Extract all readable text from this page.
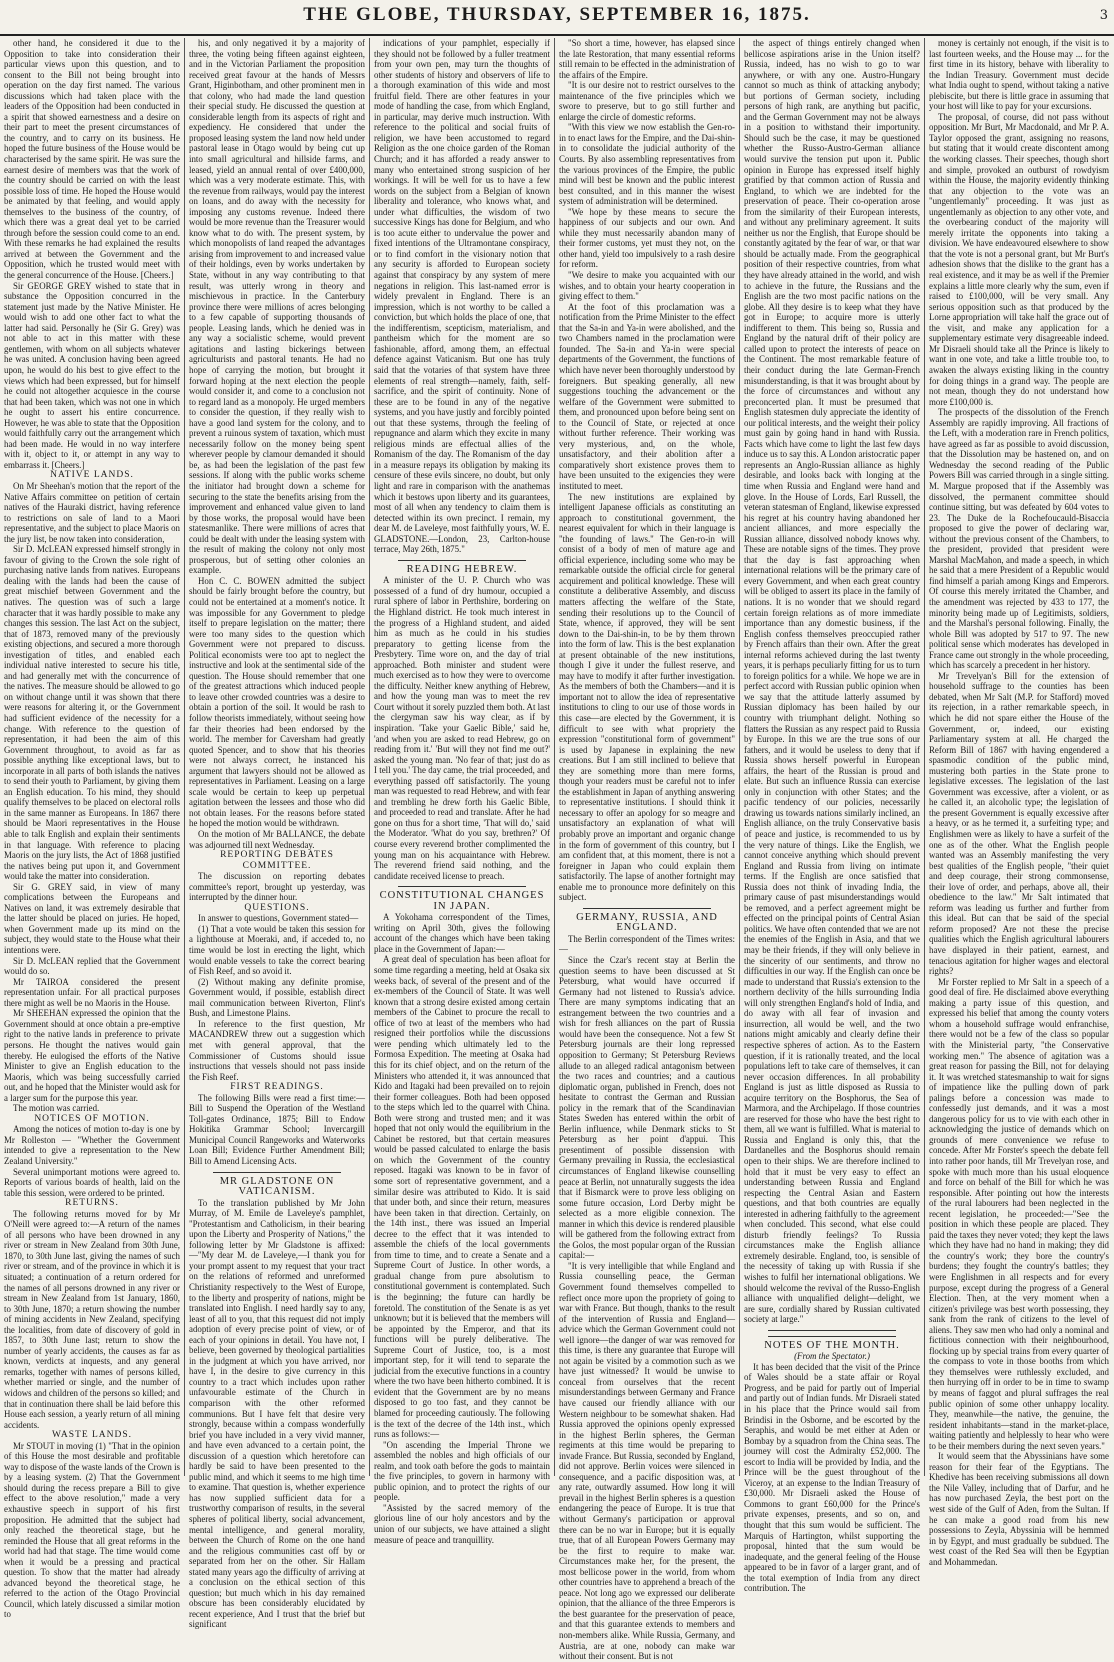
THE GLOBE, THURSDAY, SEPTEMBER 16, 1875.	3

other hand, he considered it due to the Opposition to take into consideration their particular views upon this question, and to consent to the Bill not being brought into operation on the day first named. The various discussions which had taken place with the leaders of the Opposition had been conducted in a spirit that showed earnestness and a desire on their part to meet the present circumstances of the country, and to carry on its business. He hoped the future business of the House would be characterised by the same spirit. He was sure the earnest desire of members was that the work of the country should be carried on with the least possible loss of time. He hoped the House would be animated by that feeling, and would apply themselves to the business of the country, of which there was a great deal yet to be carried through before the session could come to an end. With these remarks he had explained the results arrived at between the Government and the Opposition, which he trusted would meet with the general concurrence of the House. [Cheers.]

Sir GEORGE GREY wished to state that in substance the Opposition concurred in the statement just made by the Native Minister. He would wish to add one other fact to what the latter had said. Personally he (Sir G. Grey) was not able to act in this matter with these gentlemen, with whom on all subjects whatever he was united. A conclusion having been agreed upon, he would do his best to give effect to the views which had been expressed, but for himself he could not altogether acquiesce in the course that had been taken, which was not one in which he ought to assert his entire concurrence. However, he was able to state that the Opposition would faithfully carry out the arrangement which had been made. He would in no way interfere with it, object to it, or attempt in any way to embarrass it. [Cheers.]

NATIVE LANDS.

On Mr Sheehan's motion that the report of the Native Affairs committee on petition of certain natives of the Hauraki district, having reference to restrictions on sale of land to a Maori representative, and the subject to place Maoris on the jury list, be now taken into consideration,

Sir D. McLEAN expressed himself strongly in favour of giving to the Crown the sole right of purchasing native lands from natives. Europeans dealing with the lands had been the cause of great mischief between Government and the natives. The question was of such a large character that it was hardly possible to make any changes this session. The last Act on the subject, that of 1873, removed many of the previously existing objections, and secured a more thorough investigation of titles, and enabled each individual native interested to secure his title, and had generally met with the concurrence of the natives. The measure should be allowed to go on without change until it was shown that there were reasons for altering it, or the Government had sufficient evidence of the necessity for a change. With reference to the question of representation, it had been the aim of this Government throughout, to avoid as far as possible anything like exceptional laws, but to incorporate in all parts of both islands the natives to send their youth to Parliament, by giving them an English education. To his mind, they should qualify themselves to be placed on electoral rolls in the same manner as Europeans. In 1867 there should be Maori representatives in the House able to talk English and explain their sentiments in that language. With reference to placing Maoris on the jury lists, the Act of 1868 justified the natives being put upon it, and Government would take the matter into consideration.

Sir G. GREY said, in view of many complications between the Europeans and Natives on land, it was extremely desirable that the latter should be placed on juries. He hoped, when Government made up its mind on the subject, they would state to the House what their intentions were.

Sir D. McLEAN replied that the Government would do so.

Mr TAIROA considered the present representation unfair. For all practical purposes there might as well be no Maoris in the House.

Mr SHEEHAN expressed the opinion that the Government should at once obtain a pre-emptive right to the native lands in preference to private persons. He thought the natives would gain thereby. He eulogised the efforts of the Native Minister to give an English education to the Maoris, which was being successfully carried out, and he hoped that the Minister would ask for a larger sum for the purpose this year.

The motion was carried.

NOTICES OF MOTION.

Among the notices of motion to-day is one by Mr Rolleston — "Whether the Government intended to give a representation to the New Zealand University."

Several unimportant motions were agreed to. Reports of various boards of health, laid on the table this session, were ordered to be printed.

RETURNS.

The following returns moved for by Mr O'Neill were agreed to:—A return of the names of all persons who have been drowned in any river or stream in New Zealand from 30th June, 1870, to 30th June last, giving the names of such river or stream, and of the province in which it is situated; a continuation of a return ordered for the names of all persons drowned in any river or stream in New Zealand from 1st January, 1860, to 30th June, 1870; a return showing the number of mining accidents in New Zealand, specifying the localities, from date of discovery of gold in 1857, to 30th June last; return to show the number of yearly accidents, the causes as far as known, verdicts at inquests, and any general remarks, together with names of persons killed, whether married or single, and the number of widows and children of the persons so killed; and that in continuation there shall be laid before this House each session, a yearly return of all mining accidents.

WASTE LANDS.

Mr STOUT in moving (1) "That in the opinion of this House the most desirable and profitable way to dispose of the waste lands of the Crown is by a leasing system. (2) That the Government should during the recess prepare a Bill to give effect to the above resolution," made a very exhaustive speech in support of his first proposition. He admitted that the subject had only reached the theoretical stage, but he reminded the House that all great reforms in the world had had that stage. The time would come when it would be a pressing and practical question. To show that the matter had already advanced beyond the theoretical stage, he referred to the action of the Otago Provincial Council, which lately discussed a similar motion to

his, and only negatived it by a majority of three, the voting being fifteen against eighteen, and in the Victorian Parliament the proposition received great favour at the hands of Messrs Grant, Higinbotham, and other prominent men in that colony, who had made the land question their special study. He discussed the question at considerable length from its aspects of right and expediency. He considered that under the proposed leasing system the land now held under pastoral lease in Otago would by being cut up into small agricultural and hillside farms, and leased, yield an annual rental of over £400,000, which was a very moderate estimate. This, with the revenue from railways, would pay the interest on loans, and do away with the necessity for imposing any customs revenue. Indeed there would be more revenue than the Treasurer would know what to do with. The present system, by which monopolists of land reaped the advantages arising from improvement to and increased value of their holdings, even by works undertaken by State, without in any way contributing to that result, was utterly wrong in theory and mischievous in practice. In the Canterbury province there were millions of acres belonging to a few capable of supporting thousands of people. Leasing lands, which he denied was in any way a socialistic scheme, would prevent agitations and lasting bickerings between agriculturists and pastoral tenants. He had no hope of carrying the motion, but brought it forward hoping at the next election the people would consider it, and come to a conclusion not to regard land as a monopoly. He urged members to consider the question, if they really wish to have a good land system for the colony, and to prevent a ruinous system of taxation, which must necessarily follow on the money being spent wherever people by clamour demanded it should be, as had been the legislation of the past few sessions. If along with the public works scheme the initiator had brought down a scheme for securing to the state the benefits arising from the improvement and enhanced value given to land by those works, the proposal would have been statesmanlike. There were millions of acres that could be dealt with under the leasing system with the result of making the colony not only most prosperous, but of setting other colonies an example.

Hon C. C. BOWEN admitted the subject should be fairly brought before the country, but could not be entertained at a moment's notice. It was impossible for any Government to pledge itself to prepare legislation on the matter; there were too many sides to the question which Government were not prepared to discuss. Political economists were too apt to neglect the instructive and look at the sentimental side of the question. The House should remember that one of the greatest attractions which induced people to leave other crowded countries was a desire to obtain a portion of the soil. It would be rash to follow theorists immediately, without seeing how far their theories had been endorsed by the world. The member for Caversham had greatly quoted Spencer, and to show that his theories were not always correct, he instanced his argument that lawyers should not be allowed as representatives in Parliament. Leasing on a large scale would be certain to keep up perpetual agitation between the lessees and those who did not obtain leases. For the reasons before stated he hoped the motion would be withdrawn.

On the motion of Mr BALLANCE, the debate was adjourned till next Wednesday.

REPORTING DEBATES COMMITTEE.

The discussion on reporting debates committee's report, brought up yesterday, was interrupted by the dinner hour.

QUESTIONS.

In answer to questions, Government stated—

(1) That a vote would be taken this session for a lighthouse at Moeraki, and, if acceded to, no time would be lost in erecting the light, which would enable vessels to take the correct bearing of Fish Reef, and so avoid it.

(2) Without making any definite promise, Government would, if possible, establish direct mail communication between Riverton, Flint's Bush, and Limestone Plains.

In reference to the first question, Mr MACANDREW threw out a suggestion which met with general approval, that the Commissioner of Customs should issue instructions that vessels should not pass inside the Fish Reef.

FIRST READINGS.

The following Bills were read a first time:—Bill to Suspend the Operation of the Westland Toll-gates Ordinance, 1875; Bill to Endow Hokitika Grammar School; Invercargill Municipal Council Rangeworks and Waterworks Loan Bill; Evidence Further Amendment Bill; Bill to Amend Licensing Acts.

MR GLADSTONE ON VATICANISM.

To the translation published by Mr John Murray, of M. Emile de Laveleye's pamphlet, "Protestantism and Catholicism, in their bearing upon the Liberty and Prosperity of Nations," the following letter by Mr Gladstone is affixed:—"My dear M. de Laveleye,—I thank you for your prompt assent to my request that your tract on the relations of reformed and unreformed Christianity respectively to the West of Europe, to the liberty and prosperity of nations, might be translated into English. I need hardly say to any, least of all to you, that this request did not imply adoption of every precise point of view, or of each of your opinions in detail. You have not, I believe, been governed by theological partialities in the judgment at which you have arrived, nor have I, in the desire to give currency in this country to a tract which includes upon rather unfavourable estimate of the Church in comparison with the other reformed communions. But I have felt that desire very strongly, because within a compass wonderfully brief you have included in a very vivid manner, and have even advanced to a certain point, the discussion of a question which heretofore can hardly be said to have been presented to the public mind, and which it seems to me high time to examine. That question is, whether experience has now supplied sufficient data for a trustworthy comparison of results, in the several spheres of political liberty, social advancement, mental intelligence, and general morality, between the Church of Rome on the one hand and the religious communities cast off by or separated from her on the other. Sir Hallam stated many years ago the difficulty of arriving at a conclusion on the ethical section of this question; but much which in his day remained obscure has been considerably elucidated by recent experience, And I trust that the brief but significant

indications of your pamphlet, especially if they should not be followed by a fuller treatment from your own pen, may turn the thoughts of other students of history and observers of life to a thorough examination of this wide and most fruitful field. There are other features in your mode of handling the case, from which England, in particular, may derive much instruction. With reference to the political and social fruits of religion, we have been accustomed to regard Religion as the one choice garden of the Roman Church; and it has afforded a ready answer to many who entertained strong suspicion of her workings. It will be well for us to have a few words on the subject from a Belgian of known liberality and tolerance, who knows what, and under what difficulties, the wisdom of two successive Kings has done for Belgium, and who is too acute either to undervalue the power and fixed intentions of the Ultramontane conspiracy, or to find comfort in the visionary notion that any security is afforded to European society against that conspiracy by any system of mere negations in religion. This last-named error is widely prevalent in England. There is an impression, which is not worthy to be called a conviction, but which holds the place of one, that the indifferentism, scepticism, materialism, and pantheism which for the moment are so fashionable, afford, among them, an effectual defence against Vaticanism. But one has truly said that the votaries of that system have three elements of real strength—namely, faith, self-sacrifice, and the spirit of continuity. None of these are to be found in any of the negative systems, and you have justly and forcibly pointed out that these systems, through the feeling of repugnance and alarm which they excite in many religious minds are effectual allies of the Romanism of the day. The Romanism of the day in a measure repays its obligation by making its censure of these evils sincere, no doubt, but only light and rare in comparison with the anathemas which it bestows upon liberty and its guarantees, most of all when any tendency to claim them is detected within its own precinct. I remain, my dear M. de Laveleye, most faithfully yours, W. E. GLADSTONE.—London, 23, Carlton-house terrace, May 26th, 1875."

READING HEBREW.

A minister of the U. P. Church who was possessed of a fund of dry humour, occupied a rural sphere of labor in Perthshire, bordering on the Highland district. He took much interest in the progress of a Highland student, and aided him as much as he could in his studies preparatory to getting license from the Presbytery. Time wore on, and the day of trial approached. Both minister and student were much exercised as to how they were to overcome the difficulty. Neither knew anything of Hebrew, and how the young man was to meet the rev Court without it sorely puzzled them both. At last the clergyman saw his way clear, as if by inspiration. 'Take your Gaelic Bible,' said he, 'and when you are asked to read Hebrew, go on reading from it.' 'But will they not find me out?' asked the young man. 'No fear of that; just do as I tell you.' The day came, the trial proceeded, and everything passed off satisfactorily. The young man was requested to read Hebrew, and with fear and trembling he drew forth his Gaelic Bible, and proceeded to read and translate. After he had gone on thus for a short time, 'That will do,' said the Moderator. 'What do you say, brethren?' Of course every reverend brother complimented the young man on his acquaintance with Hebrew. The reverend friend said nothing, and the candidate received license to preach.

CONSTITUTIONAL CHANGES IN JAPAN.

A Yokohama correspondent of the Times, writing on April 30th, gives the following account of the changes which have been taking place in the Government of Japan:—

A great deal of speculation has been afloat for some time regarding a meeting, held at Osaka six weeks back, of several of the present and of the ex-members of the Council of State. It was well known that a strong desire existed among certain members of the Cabinet to procure the recall to office of two at least of the members who had resigned their portfolios while the discussions were pending which ultimately led to the Formosa Expedition. The meeting at Osaka had this for its chief object, and on the return of the Ministers who attended it, it was announced that Kido and Itagaki had been prevailed on to rejoin their former colleagues. Both had been opposed to the steps which led to the quarrel with China. Both were strong and trusted men; and it was hoped that not only would the equilibrium in the Cabinet be restored, but that certain measures would be passed calculated to enlarge the basis on which the Government of the country reposed. Itagaki was known to be in favor of some sort of representative government, and a similar desire was attributed to Kido. It is said that under both, and since their return, measures have been taken in that direction. Certainly, on the 14th inst., there was issued an Imperial decree to the effect that it was intended to assemble the chiefs of the local governments from time to time, and to create a Senate and a Supreme Court of Justice. In other words, a gradual change from pure absolutism to constitutional government is contemplated. Such is the beginning; the future can hardly be foretold. The constitution of the Senate is as yet unknown; but it is believed that the members will be appointed by the Emperor, and that its functions will be purely deliberative. The Supreme Court of Justice, too, is a most important step, for it will tend to separate the judicial from the executive functions in a country where the two have been hitherto combined. It is evident that the Government are by no means disposed to go too fast, and they cannot be blamed for proceeding cautiously. The following is the text of the decree of the 14th inst., which runs as follows:—

"On ascending the Imperial Throne we assembled the nobles and high officials of our realm, and took oath before the gods to maintain the five principles, to govern in harmony with public opinion, and to protect the rights of our people.

"Assisted by the sacred memory of the glorious line of our holy ancestors and by the union of our subjects, we have attained a slight measure of peace and tranquillity.

"So short a time, however, has elapsed since the late Restoration, that many essential reforms still remain to be effected in the administration of the affairs of the Empire.

"It is our desire not to restrict ourselves to the maintenance of the five principles which we swore to preserve, but to go still further and enlarge the circle of domestic reforms.

"With this view we now establish the Gen-ro-in to enact laws for the Empire, and the Dai-shin-in to consolidate the judicial authority of the Courts. By also assembling representatives from the various provinces of the Empire, the public mind will best be known and the public interest best consulted, and in this manner the wisest system of administration will be determined.

"We hope by these means to secure the happiness of our subjects and our own. And while they must necessarily abandon many of their former customs, yet must they not, on the other hand, yield too impulsively to a rash desire for reform.

"We desire to make you acquainted with our wishes, and to obtain your hearty cooperation in giving effect to them."

At the foot of this proclamation was a notification from the Prime Minister to the effect that the Sa-in and Ya-in were abolished, and the two Chambers named in the proclamation were founded. The Sa-in and Ya-in were special departments of the Government, the functions of which have never been thoroughly understood by foreigners. But speaking generally, all new suggestions touching the advancement or the welfare of the Government were submitted to them, and pronounced upon before being sent on to the Council of State, or rejected at once without further reference. Their working was very mysterious, and, on the whole, unsatisfactory, and their abolition after a comparatively short existence proves them to have been unsuited to the exigencies they were instituted to meet.

The new institutions are explained by intelligent Japanese officials as constituting an approach to constitutional government, the nearest equivalent for which in their language is "the founding of laws." The Gen-ro-in will consist of a body of men of mature age and official experience, including some who may be remarkable outside the official circle for general acquirement and political knowledge. These will constitute a deliberative Assembly, and discuss matters affecting the welfare of the State, sending their resolutions up to the Council of State, whence, if approved, they will be sent down to the Dai-shin-in, to be by them thrown into the form of law. This is the best explanation at present obtainable of the new institutions, though I give it under the fullest reserve, and may have to modify it after further investigation. As the members of both the Chambers—and it is important not to allow the idea of representative institutions to cling to our use of those words in this case—are elected by the Government, it is difficult to see with what propriety the expression "constitutional form of government" is used by Japanese in explaining the new creations. But I am still inclined to believe that they are something more than mere forms, though your readers must be careful not to infer the establishment in Japan of anything answering to representative institutions. I should think it necessary to offer an apology for so meagre and unsatisfactory an explanation of what will probably prove an important and organic change in the form of government of this country, but I am confident that, at this moment, there is not a foreigner in Japan who could explain them satisfactorily. The lapse of another fortnight may enable me to pronounce more definitely on this subject.

GERMANY, RUSSIA, AND ENGLAND.

The Berlin correspondent of the Times writes:—

Since the Czar's recent stay at Berlin the question seems to have been discussed at St Petersburg, what would have occurred if Germany had not listened to Russia's advice. There are many symptoms indicating that an estrangement between the two countries and a wish for fresh alliances on the part of Russia would have been the consequence. Not a few St Petersburg journals are their long repressed opposition to Germany; St Petersburg Reviews allude to an alleged radical antagonism between the two races and countries; and a cautious diplomatic organ, published in French, does not hesitate to contrast the German and Russian policy in the remark that of the Scandinavian States Sweden has entered within the orbit of Berlin influence, while Denmark sticks to St Petersburg as her point d'appui. This presentiment of possible dissension with Germany prevailing in Russia, the ecclesiastical circumstances of England likewise counselling peace at Berlin, not unnaturally suggests the idea that if Bismarck were to prove less obliging on some future occasion, Lord Derby might be selected as a more eligible connexion. The manner in which this device is rendered plausible will be gathered from the following extract from the Golos, the most popular organ of the Russian capital:—

"It is very intelligible that while England and Russia counselling peace, the German Government found themselves compelled to reflect once more upon the propriety of going to war with France. But though, thanks to the result of the intervention of Russia and England—advice which the German Government could not well ignore—the danger of war was removed for this time, is there any guarantee that Europe will not again be visited by a commotion such as we have just witnessed? It would be unwise to conceal from ourselves that the recent misunderstandings between Germany and France have caused our friendly alliance with our Western neighbour to be somewhat shaken. Had Russia approved the opinions openly expressed in the highest Berlin spheres, the German regiments at this time would be preparing to invade France. But Russia, seconded by England, did not approve. Berlin voices were silenced in consequence, and a pacific disposition was, at any rate, outwardly assumed. How long it will prevail in the highest Berlin spheres is a question endangering the peace of Europe. It is true that without Germany's participation or approval there can be no war in Europe; but it is equally true, that of all European Powers Germany may be the first to require to make war. Circumstances make her, for the present, the most bellicose power in the world, from whom other countries have to apprehend a breach of the peace. Not long ago we expressed our deliberate opinion, that the alliance of the three Emperors is the best guarantee for the preservation of peace, and that this guarantee extends to members and non-members alike. While Russia, Germany, and Austria, are at one, nobody can make war without their consent. But is not

the aspect of things entirely changed when bellicose aspirations arise in the Union itself? Russia, indeed, has no wish to go to war anywhere, or with any one. Austro-Hungary cannot so much as think of attacking anybody; but portions of German society, including persons of high rank, are anything but pacific, and the German Government may not be always in a position to withstand their importunity. Should such be the case, it may be questioned whether the Russo-Austro-German alliance would survive the tension put upon it. Public opinion in Europe has expressed itself highly gratified by that common action of Russia and England, to which we are indebted for the preservation of peace. Their co-operation arose from the similarity of their European interests, and without any preliminary agreement. It suits neither us nor the English, that Europe should be constantly agitated by the fear of war, or that war should be actually made. From the geographical position of their respective countries, from what they have already attained in the world, and wish to achieve in the future, the Russians and the English are the two most pacific nations on the globe. All they desire is to keep what they have got in Europe; to acquire more is utterly indifferent to them. This being so, Russia and England by the natural drift of their policy are called upon to protect the interests of peace on the Continent. The most remarkable feature of their conduct during the late German-French misunderstanding, is that it was brought about by the force of circumstances and without any preconcerted plan. It must be presumed that English statesmen duly appreciate the identity of our political interests, and the weight their policy must gain by going hand in hand with Russia. Facts which have come to light the last few days induce us to say this. A London aristocratic paper represents an Anglo-Russian alliance as highly desirable, and looks back with longing at the time when Russia and England were hand and glove. In the House of Lords, Earl Russell, the veteran statesman of England, likewise expressed his regret at his country having abandoned her ancient alliances, and more especially the Russian alliance, dissolved nobody knows why. These are notable signs of the times. They prove that the day is fast approaching when international relations will be the primary care of every Government, and when each great country will be obliged to assert its place in the family of nations. It is no wonder that we should regard certain foreign relations as of more immediate importance than any domestic business, if the English confess themselves preoccupied rather by French affairs than their own. After the great internal reforms achieved during the last twenty years, it is perhaps peculiarly fitting for us to turn to foreign politics for a while. We hope we are in perfect accord with Russian public opinion when we say that the attitude latterly assumed by Russian diplomacy has been hailed by our country with triumphant delight. Nothing so flatters the Russian as any respect paid to Russia by Europe. In this we are the true sons of our fathers, and it would be useless to deny that if Russia shows herself powerful in European affairs, the heart of the Russian is proud and elate. But such an influence Russia can exercise only in conjunction with other States; and the pacific tendency of our policies, necessarily drawing us towards nations similarly inclined, an English alliance, on the truly Conservative basis of peace and justice, is recommended to us by the very nature of things. Like the English, we cannot conceive anything which should prevent England and Russia from living on intimate terms. If the English are once satisfied that Russia does not think of invading India, the primary cause of past misunderstandings would be removed, and a perfect agreement might be effected on the principal points of Central Asian politics. We have often contended that we are not the enemies of the English in Asia, and that we may be their friends, if they will only believe in the sincerity of our sentiments, and throw no difficulties in our way. If the English can once be made to understand that Russia's extension to the northern declivity of the hills surrounding India will only strengthen England's hold of India, and do away with all fear of invasion and insurrection, all would be well, and the two nations might amicably and clearly define their respective spheres of action. As to the Eastern question, if it is rationally treated, and the local populations left to take care of themselves, it can never occasion differences. In all probability England is just as little disposed as Russia to acquire territory on the Bosphorus, the Sea of Marmora, and the Archipelago. If those countries are reserved for those who have the best right to them, all we want is fulfilled. What is material to Russia and England is only this, that the Dardanelles and the Bosphorus should remain open to their ships. We are therefore inclined to hold that it must be very easy to effect an understanding between Russia and England respecting the Central Asian and Eastern questions, and that both countries are equally interested in adhering faithfully to the agreement when concluded. This second, what else could disturb friendly feelings? To Russia circumstances make the English alliance extremely desirable. England, too, is sensible of the necessity of taking up with Russia if she wishes to fulfil her international obligations. We should welcome the revival of the Russo-English alliance with unqualified delight—delight, we are sure, cordially shared by Russian cultivated society at large."

NOTES OF THE MONTH.

(From the Spectator.)

It has been decided that the visit of the Prince of Wales should be a state affair or Royal Progress, and be paid for partly out of Imperial and partly out of Indian funds. Mr Disraeli stated in his place that the Prince would sail from Brindisi in the Osborne, and be escorted by the Seraphis, and would be met either at Aden or Bombay by a squadron from the China seas. The journey will cost the Admiralty £52,000. The escort to India will be provided by India, and the Prince will be the guest throughout of the Viceroy, at an expense to the Indian Treasury of £30,000. Mr Disraeli asked the House of Commons to grant £60,000 for the Prince's private expenses, presents, and so on, and thought that this sum would be sufficient. The Marquis of Hartington, whilst supporting the proposal, hinted that the sum would be inadequate, and the general feeling of the House appeared to be in favor of a larger grant, and of the total exemption of India from any direct contribution. The

money is certainly not enough, if the visit is to last fourteen weeks, and the House may ... for the first time in its history, behave with liberality to the Indian Treasury. Government must decide what India ought to spend, without taking a native plebiscite, but there is little grace in assuming that your host will like to pay for your excursions.

The proposal, of course, did not pass without opposition. Mr Burt, Mr Macdonald, and Mr P. A. Taylor opposed the grant, assigning no reasons, but stating that it would create discontent among the working classes. Their speeches, though short and simple, provoked an outburst of rowdyism within the House, the majority evidently thinking that any objection to the vote was an "ungentlemanly" proceeding. It was just as ungentlemanly as objection to any other vote, and the overbearing conduct of the majority will merely irritate the opponents into taking a division. We have endeavoured elsewhere to show that the vote is not a personal grant, but Mr Burt's adhesion shows that the dislike to the grant has a real existence, and it may be as well if the Premier explains a little more clearly why the sum, even if raised to £100,000, will be very small. Any serious opposition such as that produced by the Lorne appropriation will take half the grace out of the visit, and make any application for a supplementary estimate very disagreeable indeed. Mr Disraeli should take all the Prince is likely to want in one vote, and take a little trouble too, to awaken the always existing liking in the country for doing things in a grand way. The people are not mean, though they do not understand how more £100,000 is.

The prospects of the dissolution of the French Assembly are rapidly improving. All fractions of the Left, with a moderation rare in French politics, have agreed as far as possible to avoid discussion, that the Dissolution may be hastened on, and on Wednesday the second reading of the Public Powers Bill was carried through in a single sitting. M. Margue proposed that if the Assembly was dissolved, the permanent committee should continue sitting, but was defeated by 604 votes to 23. The Duke de la Rochefoucauld-Bisaccia proposed to give the power of declaring war, without the previous consent of the Chambers, to the president, provided that president were Marshal MacMahon, and made a speech, in which he said that a mere President of a Republic would find himself a pariah among Kings and Emperors. Of course this merely irritated the Chamber, and the amendment was rejected by 433 to 177, the minority being made up of Legitimists, soldiers, and the Marshal's personal following. Finally, the whole Bill was adopted by 517 to 97. The new political sense which moderates has developed in France came out strongly in the whole proceeding, which has scarcely a precedent in her history.

Mr Trevelyan's Bill for the extension of household suffrage to the counties has been debated, when Mr Salt (M.P. for Stafford) moved its rejection, in a rather remarkable speech, in which he did not spare either the House of the Government, or, indeed, our existing Parliamentary system at all. He charged the Reform Bill of 1867 with having engendered a spasmodic condition of the public mind, mustering both parties in the State prone to legislative excesses. The legislation of the last Government was excessive, after a violent, or as he called it, an alcoholic type; the legislation of the present Government is equally excessive after a heavy, or as he termed it, a surfeiting type; and Englishmen were as likely to have a surfeit of the one as of the other. What the English people wanted was an Assembly manifesting the very best qualities of the English people, "their quiet and deep courage, their strong commonsense, their love of order, and perhaps, above all, their obedience to the law." Mr Salt intimated that reform was leading us further and further from this ideal. But can that be said of the special reform proposed? Are not these the precise qualities which the English agricultural labourers have displayed in their patient, earnest, and tenacious agitation for higher wages and electoral rights?

Mr Forster replied to Mr Salt in a speech of a good deal of fire. He disclaimed above everything making a party issue of this question, and expressed his belief that among the county voters whom a household suffrage would enfranchise, there would not be a few of the class so popular with the Ministerial party, "the Conservative working men." The absence of agitation was a great reason for passing the Bill, not for delaying it. It was wretched statesmanship to wait for signs of impatience like the pulling down of park palings before a concession was made to confessedly just demands, and it was a most dangerous policy for us to vie with each other in acknowledging the justice of demands which on grounds of mere convenience we refuse to concede. After Mr Forster's speech the debate fell into rather poor hands, till Mr Trevelyan rose, and spoke with much more than his usual eloquence and force on behalf of the Bill for which he was responsible. After pointing out how the interests of the rural labourers had been neglected in the recent legislation, he proceeded:—"See the position in which these people are placed. They paid the taxes they never voted; they kept the laws which they have had no hand in making; they did the country's work; they bore the country's burdens; they fought the country's battles; they were Englishmen in all respects and for every purpose, except during the progress of a General Election. Then, at the very moment when a citizen's privilege was best worth possessing, they sank from the rank of citizens to the level of aliens. They saw men who had only a nominal and fictitious connection with their neighbourhood, flocking up by special trains from every quarter of the compass to vote in those booths from which they themselves were ruthlessly excluded, and then hurrying off in order to be in time to swamp by means of faggot and plural suffrages the real public opinion of some other unhappy locality. They, meanwhile—the native, the genuine, the resident inhabitants—stand in the market-place, waiting patiently and helplessly to hear who were to be their members during the next seven years."

It would seem that the Abyssinians have some reason for their fear of the Egyptians. The Khedive has been receiving submissions all down the Nile Valley, including that of Darfur, and he has now purchased Zeyla, the best port on the west side of the Gulf of Aden, from the Sultan. If he can make a good road from his new possessions to Zeyla, Abyssinia will be hemmed in by Egypt, and must gradually be subdued. The west coast of the Red Sea will then be Egyptian and Mohammedan.
